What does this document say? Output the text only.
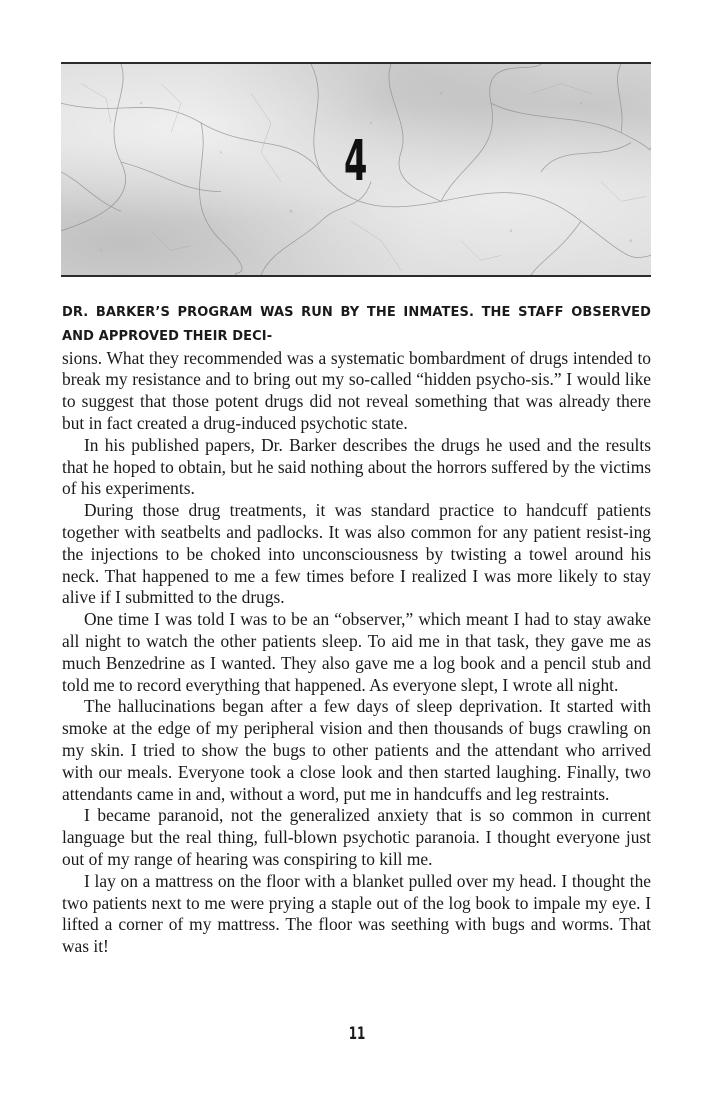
4

DR. BARKER’S PROGRAM WAS RUN BY THE INMATES. THE STAFF OBSERVED AND APPROVED THEIR DECI-
sions. What they recommended was a systematic bombardment of drugs intended to break my resistance and to bring out my so-called “hidden psycho-sis.” I would like to suggest that those potent drugs did not reveal something that was already there but in fact created a drug-induced psychotic state.

In his published papers, Dr. Barker describes the drugs he used and the results that he hoped to obtain, but he said nothing about the horrors suffered by the victims of his experiments.

During those drug treatments, it was standard practice to handcuff patients together with seatbelts and padlocks. It was also common for any patient resist-ing the injections to be choked into unconsciousness by twisting a towel around his neck. That happened to me a few times before I realized I was more likely to stay alive if I submitted to the drugs.

One time I was told I was to be an “observer,” which meant I had to stay awake all night to watch the other patients sleep. To aid me in that task, they gave me as much Benzedrine as I wanted. They also gave me a log book and a pencil stub and told me to record everything that happened. As everyone slept, I wrote all night.

The hallucinations began after a few days of sleep deprivation. It started with smoke at the edge of my peripheral vision and then thousands of bugs crawling on my skin. I tried to show the bugs to other patients and the attendant who arrived with our meals. Everyone took a close look and then started laughing. Finally, two attendants came in and, without a word, put me in handcuffs and leg restraints.

I became paranoid, not the generalized anxiety that is so common in current language but the real thing, full-blown psychotic paranoia. I thought everyone just out of my range of hearing was conspiring to kill me.

I lay on a mattress on the floor with a blanket pulled over my head. I thought the two patients next to me were prying a staple out of the log book to impale my eye. I lifted a corner of my mattress. The floor was seething with bugs and worms. That was it!

11
